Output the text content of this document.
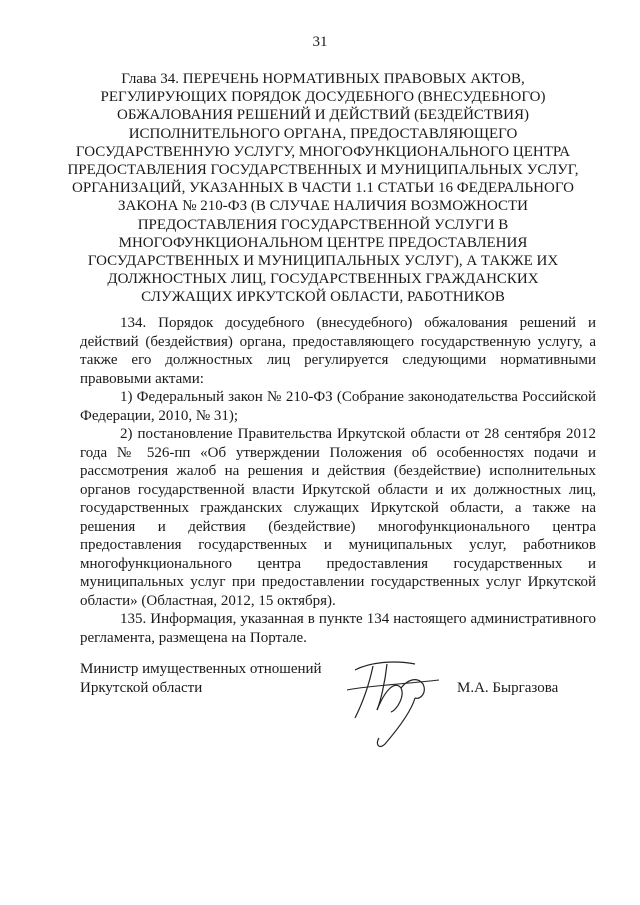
31
Глава 34. ПЕРЕЧЕНЬ НОРМАТИВНЫХ ПРАВОВЫХ АКТОВ,
РЕГУЛИРУЮЩИХ ПОРЯДОК ДОСУДЕБНОГО (ВНЕСУДЕБНОГО)
ОБЖАЛОВАНИЯ РЕШЕНИЙ И ДЕЙСТВИЙ (БЕЗДЕЙСТВИЯ)
ИСПОЛНИТЕЛЬНОГО ОРГАНА, ПРЕДОСТАВЛЯЮЩЕГО
ГОСУДАРСТВЕННУЮ УСЛУГУ, МНОГОФУНКЦИОНАЛЬНОГО ЦЕНТРА
ПРЕДОСТАВЛЕНИЯ ГОСУДАРСТВЕННЫХ И МУНИЦИПАЛЬНЫХ УСЛУГ,
ОРГАНИЗАЦИЙ, УКАЗАННЫХ В ЧАСТИ 1.1 СТАТЬИ 16 ФЕДЕРАЛЬНОГО
ЗАКОНА № 210-ФЗ (В СЛУЧАЕ НАЛИЧИЯ ВОЗМОЖНОСТИ
ПРЕДОСТАВЛЕНИЯ ГОСУДАРСТВЕННОЙ УСЛУГИ В
МНОГОФУНКЦИОНАЛЬНОМ ЦЕНТРЕ ПРЕДОСТАВЛЕНИЯ
ГОСУДАРСТВЕННЫХ И МУНИЦИПАЛЬНЫХ УСЛУГ), А ТАКЖЕ ИХ
ДОЛЖНОСТНЫХ ЛИЦ, ГОСУДАРСТВЕННЫХ ГРАЖДАНСКИХ
СЛУЖАЩИХ ИРКУТСКОЙ ОБЛАСТИ, РАБОТНИКОВ

134. Порядок досудебного (внесудебного) обжалования решений и действий (бездействия) органа, предоставляющего государственную услугу, а также его должностных лиц регулируется следующими нормативными правовыми актами:

1) Федеральный закон № 210-ФЗ (Собрание законодательства Российской Федерации, 2010, № 31);

2) постановление Правительства Иркутской области от 28 сентября 2012 года № 526-пп «Об утверждении Положения об особенностях подачи и рассмотрения жалоб на решения и действия (бездействие) исполнительных органов государственной власти Иркутской области и их должностных лиц, государственных гражданских служащих Иркутской области, а также на решения и действия (бездействие) многофункционального центра предоставления государственных и муниципальных услуг, работников многофункционального центра предоставления государственных и муниципальных услуг при предоставлении государственных услуг Иркутской области» (Областная, 2012, 15 октября).

135. Информация, указанная в пункте 134 настоящего административного регламента, размещена на Портале.

Министр имущественных отношений
Иркутской области	М.А. Быргазова
